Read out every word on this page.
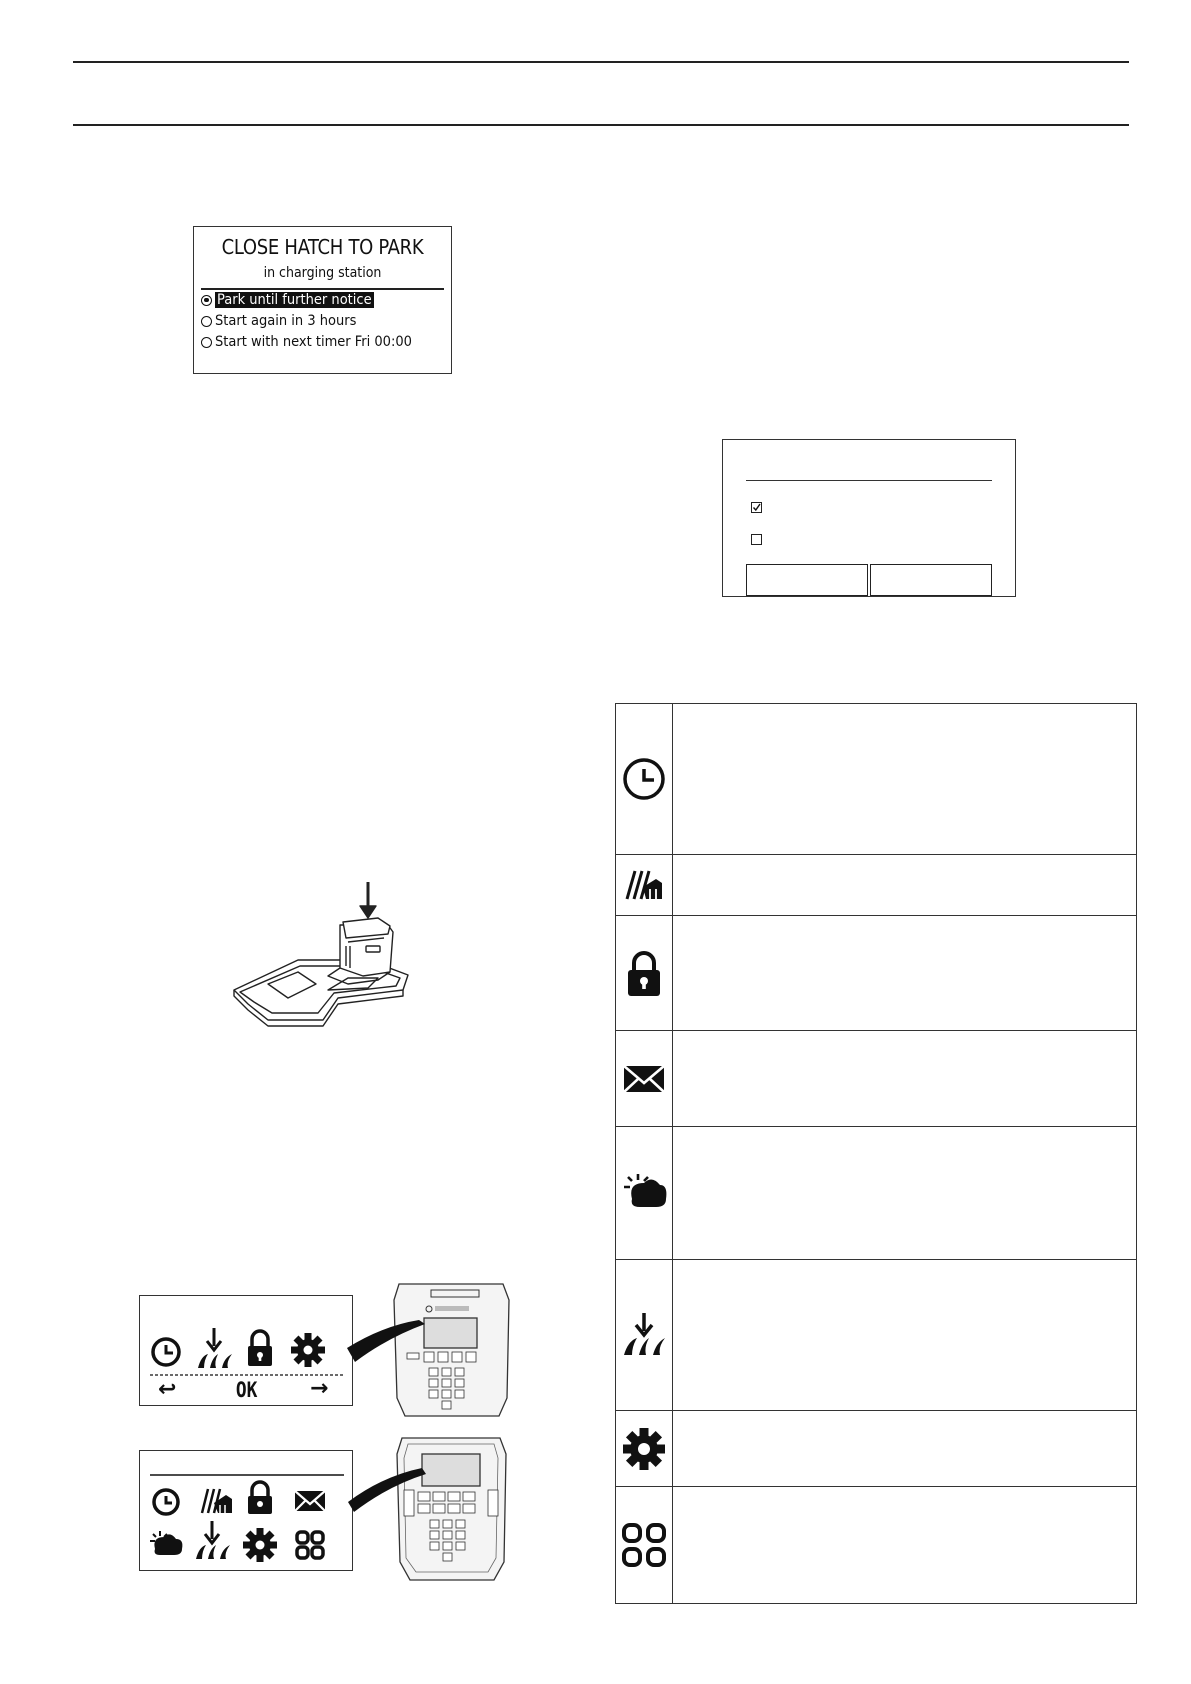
CLOSE HATCH TO PARK
in charging station
Park until further notice
Start again in 3 hours
Start with next timer Fri 00:00
↩	OK →
